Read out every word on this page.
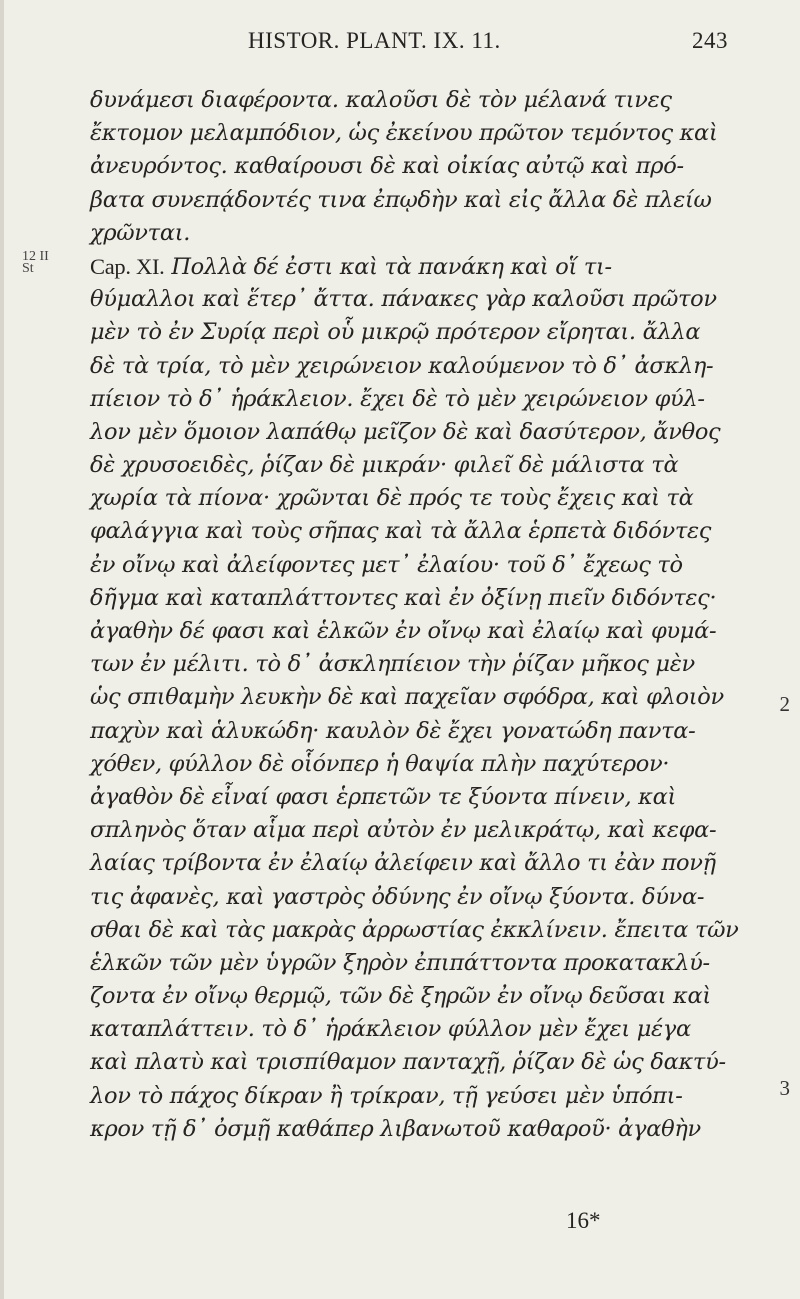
HISTOR. PLANT. IX. 11.	243
12 II
St
2
3
δυνάμεσι διαφέροντα. καλοῦσι δὲ τὸν μέλανά τινες
ἔκτομον μελαμπόδιον, ὡς ἐκείνου πρῶτον τεμόντος καὶ
ἀνευρόντος. καθαίρουσι δὲ καὶ οἰκίας αὐτῷ καὶ πρό-
βατα συνεπᾴδοντές τινα ἐπῳδὴν καὶ εἰς ἄλλα δὲ πλείω
χρῶνται.
Cap. XI. Πολλὰ δέ ἐστι καὶ τὰ πανάκη καὶ οἵ τι-
θύμαλλοι καὶ ἕτερ᾽ ἄττα. πάνακες γὰρ καλοῦσι πρῶτον
μὲν τὸ ἐν Συρίᾳ περὶ οὗ μικρῷ πρότερον εἴρηται. ἄλλα
δὲ τὰ τρία, τὸ μὲν χειρώνειον καλούμενον τὸ δ᾽ ἀσκλη-
πίειον τὸ δ᾽ ἡράκλειον. ἔχει δὲ τὸ μὲν χειρώνειον φύλ-
λον μὲν ὅμοιον λαπάθῳ μεῖζον δὲ καὶ δασύτερον, ἄνθος
δὲ χρυσοειδὲς, ῥίζαν δὲ μικράν· φιλεῖ δὲ μάλιστα τὰ
χωρία τὰ πίονα· χρῶνται δὲ πρός τε τοὺς ἔχεις καὶ τὰ
φαλάγγια καὶ τοὺς σῆπας καὶ τὰ ἄλλα ἑρπετὰ διδόντες
ἐν οἴνῳ καὶ ἀλείφοντες μετ᾽ ἐλαίου· τοῦ δ᾽ ἔχεως τὸ
δῆγμα καὶ καταπλάττοντες καὶ ἐν ὀξίνῃ πιεῖν διδόντες·
ἀγαθὴν δέ φασι καὶ ἑλκῶν ἐν οἴνῳ καὶ ἐλαίῳ καὶ φυμά-
των ἐν μέλιτι. τὸ δ᾽ ἀσκληπίειον τὴν ῥίζαν μῆκος μὲν
ὡς σπιθαμὴν λευκὴν δὲ καὶ παχεῖαν σφόδρα, καὶ φλοιὸν
παχὺν καὶ ἁλυκώδη· καυλὸν δὲ ἔχει γονατώδη παντα-
χόθεν, φύλλον δὲ οἷόνπερ ἡ θαψία πλὴν παχύτερον·
ἀγαθὸν δὲ εἶναί φασι ἑρπετῶν τε ξύοντα πίνειν, καὶ
σπληνὸς ὅταν αἷμα περὶ αὐτὸν ἐν μελικράτῳ, καὶ κεφα-
λαίας τρίβοντα ἐν ἐλαίῳ ἀλείφειν καὶ ἄλλο τι ἐὰν πονῇ
τις ἀφανὲς, καὶ γαστρὸς ὀδύνης ἐν οἴνῳ ξύοντα. δύνα-
σθαι δὲ καὶ τὰς μακρὰς ἀρρωστίας ἐκκλίνειν. ἔπειτα τῶν
ἑλκῶν τῶν μὲν ὑγρῶν ξηρὸν ἐπιπάττοντα προκατακλύ-
ζοντα ἐν οἴνῳ θερμῷ, τῶν δὲ ξηρῶν ἐν οἴνῳ δεῦσαι καὶ
καταπλάττειν. τὸ δ᾽ ἡράκλειον φύλλον μὲν ἔχει μέγα
καὶ πλατὺ καὶ τρισπίθαμον πανταχῇ, ῥίζαν δὲ ὡς δακτύ-
λον τὸ πάχος δίκραν ἢ τρίκραν, τῇ γεύσει μὲν ὑπόπι-
κρον τῇ δ᾽ ὀσμῇ καθάπερ λιβανωτοῦ καθαροῦ· ἀγαθὴν
16*
